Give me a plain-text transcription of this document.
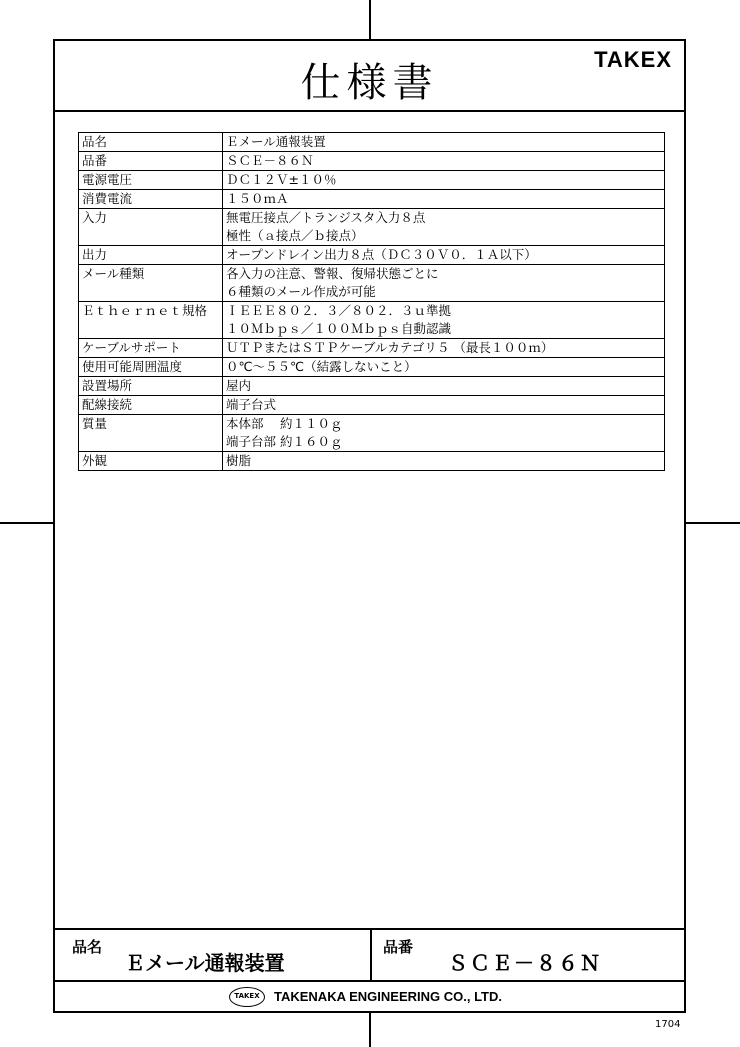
仕様書
TAKEX
品名	Ｅメール通報装置

品番	ＳＣＥ－８６Ｎ

電源電圧	ＤＣ１２Ｖ±１０％

消費電流	１５０ｍＡ

入力	無電圧接点／トランジスタ入力８点
極性（ａ接点／ｂ接点）

出力	オープンドレイン出力８点（ＤＣ３０Ｖ０．１Ａ以下）

メール種類	各入力の注意、警報、復帰状態ごとに
６種類のメール作成が可能

Ｅｔｈｅｒｎｅｔ規格	ＩＥＥＥ８０２．３／８０２．３ｕ準拠
１０Ｍｂｐｓ／１００Ｍｂｐｓ自動認識

ケーブルサポート	ＵＴＰまたはＳＴＰケーブルカテゴリ５ （最長１００ｍ）

使用可能周囲温度	０℃～５５℃（結露しないこと）

設置場所	屋内

配線接続	端子台式

質量	本体部　 約１１０ｇ
端子台部 約１６０ｇ

外観	樹脂
品名
Ｅメール通報装置
品番
ＳＣＥ－８６Ｎ
TAKEX	TAKENAKA ENGINEERING CO., LTD.
1704
